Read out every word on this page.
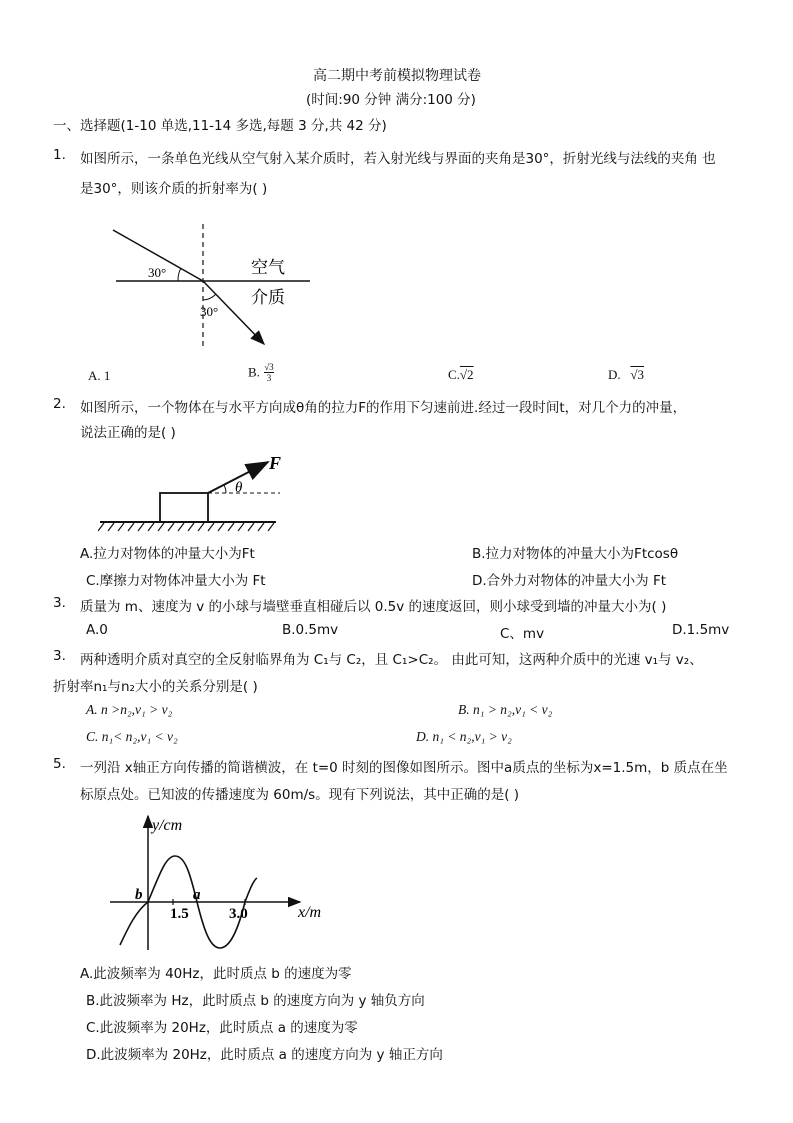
高二期中考前模拟物理试卷
(时间:90 分钟 满分:100 分)
一、选择题(1-10 单选,11-14 多选,每题 3 分,共 42 分)
1. 如图所示，一条单色光线从空气射入某介质时，若入射光线与界面的夹角是30°，折射光线与法线的夹角 也
是30°，则该介质的折射率为( )
30°
30°
空气
介质
A. 1	B. $\frac{√3}{3}$	C.√2	D. √3
2. 如图所示，一个物体在与水平方向成θ角的拉力F的作用下匀速前进.经过一段时间t，对几个力的冲量，
说法正确的是( )
F
θ
A.拉力对物体的冲量大小为Ft	B.拉力对物体的冲量大小为Ftcosθ
C.摩擦力对物体冲量大小为 Ft	D.合外力对物体的冲量大小为 Ft
3. 质量为 m、速度为 v 的小球与墙壁垂直相碰后以 0.5v 的速度返回，则小球受到墙的冲量大小为( )
A.0	B.0.5mv	C、mv	D.1.5mv
3. 两种透明介质对真空的全反射临界角为 C₁与 C₂，且 C₁>C₂。 由此可知，这两种介质中的光速 v₁与 v₂、
折射率n₁与n₂大小的关系分别是( )
A. n >n₂,v₁ > v₂	B. n₁ > n₂,v₁ < v₂
C. n₁< n₂,v₁ < v₂	D. n₁ < n₂,v₁ > v₂
5. 一列沿 x轴正方向传播的简谐横波，在 t=0 时刻的图像如图所示。图中a质点的坐标为x=1.5m，b 质点在坐
标原点处。已知波的传播速度为 60m/s。现有下列说法，其中正确的是( )
y/cm
x/m
1.5	3.0
a
b
A.此波频率为 40Hz，此时质点 b 的速度为零
B.此波频率为 Hz，此时质点 b 的速度方向为 y 轴负方向
C.此波频率为 20Hz，此时质点 a 的速度为零
D.此波频率为 20Hz，此时质点 a 的速度方向为 y 轴正方向
